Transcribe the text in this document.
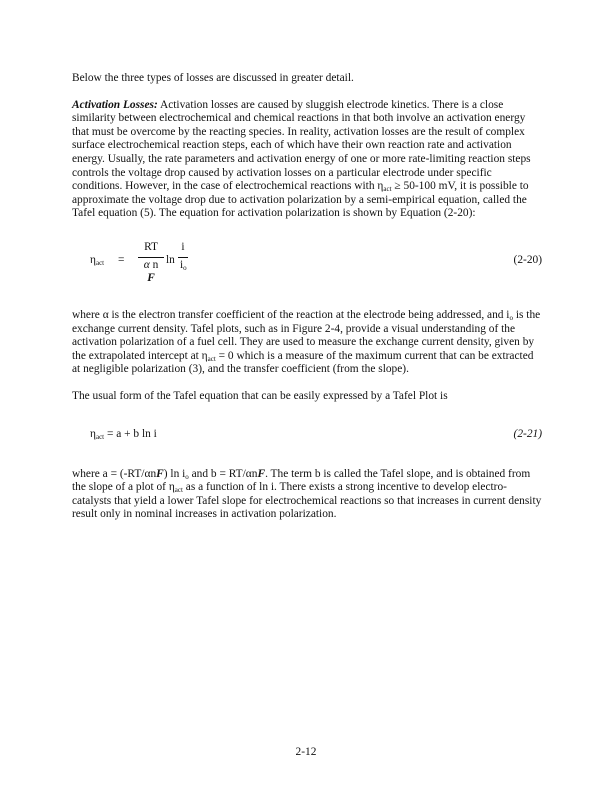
Below the three types of losses are discussed in greater detail.

Activation Losses: Activation losses are caused by sluggish electrode kinetics. There is a close similarity between electrochemical and chemical reactions in that both involve an activation energy that must be overcome by the reacting species. In reality, activation losses are the result of complex surface electrochemical reaction steps, each of which have their own reaction rate and activation energy. Usually, the rate parameters and activation energy of one or more rate-limiting reaction steps controls the voltage drop caused by activation losses on a particular electrode under specific conditions. However, in the case of electrochemical reactions with $\eta_{act} \ge 50-100$ mV, it is possible to approximate the voltage drop due to activation polarization by a semi-empirical equation, called the Tafel equation (5). The equation for activation polarization is shown by Equation (2-20):

$\eta_{act}$ =
RT
α n F
ln
i
$i_o$
(2-20)

where α is the electron transfer coefficient of the reaction at the electrode being addressed, and $i_o$ is the exchange current density. Tafel plots, such as in Figure 2-4, provide a visual understanding of the activation polarization of a fuel cell. They are used to measure the exchange current density, given by the extrapolated intercept at $\eta_{act} = 0$ which is a measure of the maximum current that can be extracted at negligible polarization (3), and the transfer coefficient (from the slope).

The usual form of the Tafel equation that can be easily expressed by a Tafel Plot is

$\eta_{act} = a + b$ ln i	(2-21)

where a = (-RT/αnF) $\ln i_o$ and b = RT/αnF. The term b is called the Tafel slope, and is obtained from the slope of a plot of $\eta_{act}$ as a function of ln i. There exists a strong incentive to develop electro-catalysts that yield a lower Tafel slope for electrochemical reactions so that increases in current density result only in nominal increases in activation polarization.

2-12
